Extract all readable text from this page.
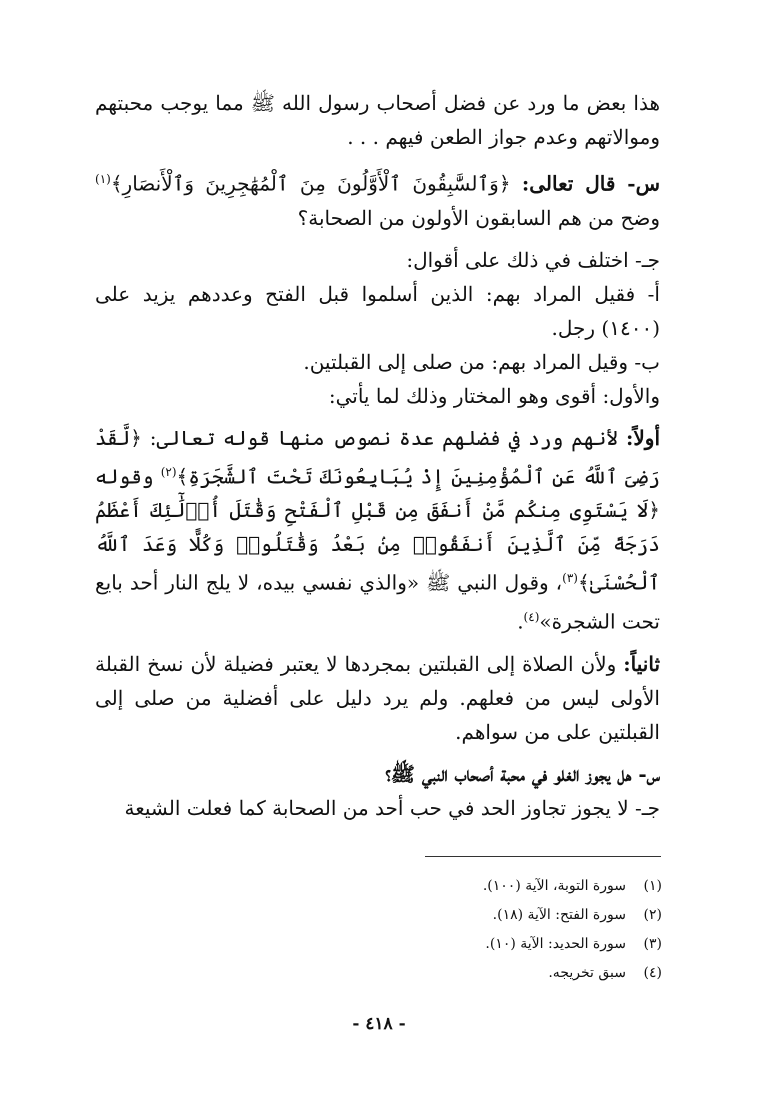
هذا بعض ما ورد عن فضل أصحاب رسول الله ﷺ مما يوجب محبتهم وموالاتهم وعدم جواز الطعن فيهم . . .

س- قال تعالى: ﴿وَٱلسَّٰبِقُونَ ٱلْأَوَّلُونَ مِنَ ٱلْمُهَٰجِرِينَ وَٱلْأَنصَارِ﴾$^{(١)}$ وضح من هم السابقون الأولون من الصحابة؟

جـ- اختلف في ذلك على أقوال:

أ- فقيل المراد بهم: الذين أسلموا قبل الفتح وعددهم يزيد على (١٤٠٠) رجل.

ب- وقيل المراد بهم: من صلى إلى القبلتين.

والأول: أقوى وهو المختار وذلك لما يأتي:

أولاً: لأنهم ورد في فضلهم عدة نصوص منها قوله تعالى: ﴿لَّقَدْ رَضِىَ ٱللَّهُ عَنِ ٱلْمُؤْمِنِينَ إِذْ يُبَايِعُونَكَ تَحْتَ ٱلشَّجَرَةِ﴾$^{(٢)}$ وقوله ﴿لَا يَسْتَوِى مِنكُم مَّنْ أَنفَقَ مِن قَبْلِ ٱلْفَتْحِ وَقَٰتَلَ أُو۟لَٰٓئِكَ أَعْظَمُ دَرَجَةً مِّنَ ٱلَّذِينَ أَنفَقُوا۟ مِنۢ بَعْدُ وَقَٰتَلُوا۟ وَكُلًّا وَعَدَ ٱللَّهُ ٱلْحُسْنَىٰ﴾$^{(٣)}$، وقول النبي ﷺ «والذي نفسي بيده، لا يلج النار أحد بايع تحت الشجرة»$^{(٤)}$.

ثانياً: ولأن الصلاة إلى القبلتين بمجردها لا يعتبر فضيلة لأن نسخ القبلة الأولى ليس من فعلهم. ولم يرد دليل على أفضلية من صلى إلى القبلتين على من سواهم.

س- هل يجوز الغلو في محبة أصحاب النبي ﷺ؟

جـ- لا يجوز تجاوز الحد في حب أحد من الصحابة كما فعلت الشيعة

(١)سورة التوبة، الآية (١٠٠).
(٢)سورة الفتح: الآية (١٨).
(٣)سورة الحديد: الآية (١٠).
(٤)سبق تخريجه.
- ٤١٨ -
